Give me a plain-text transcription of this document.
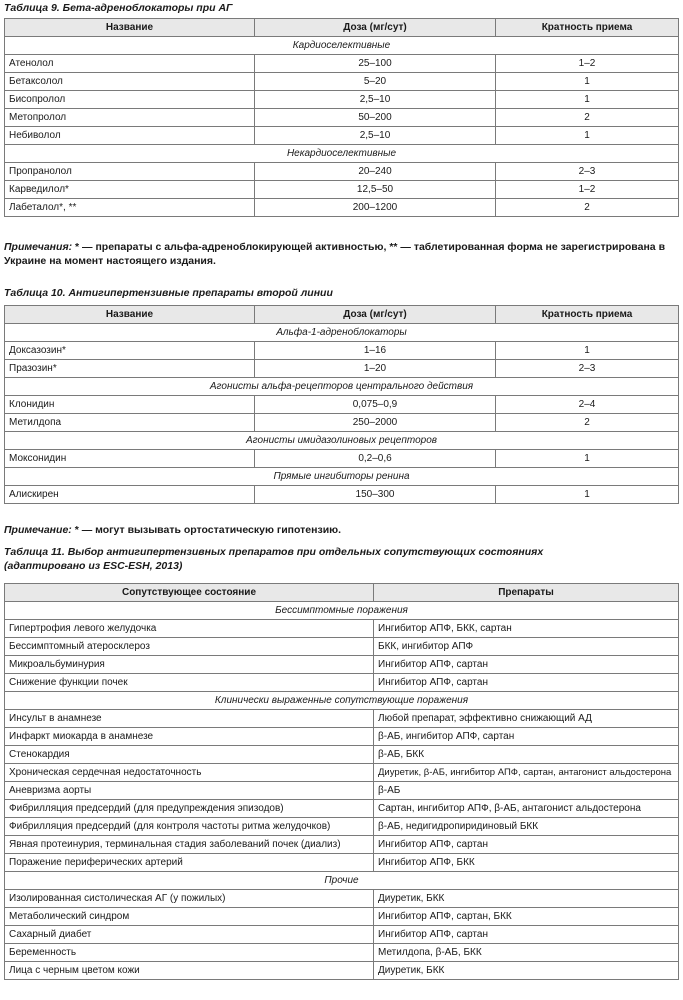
Таблица 9. Бета-адреноблокаторы при АГ
Название	Доза (мг/сут)	Кратность приема
Кардиоселективные		
Атенолол	25–100	1–2
Бетаксолол	5–20	1
Бисопролол	2,5–10	1
Метопролол	50–200	2
Небиволол	2,5–10	1
Некардиоселективные		
Пропранолол	20–240	2–3
Карведилол*	12,5–50	1–2
Лабеталол*, **	200–1200	2
Примечания: * — препараты с альфа-адреноблокирующей активностью, ** — таблетированная форма не зарегистрирована в Украине на момент настоящего издания.
Таблица 10. Антигипертензивные препараты второй линии
Название	Доза (мг/сут)	Кратность приема
Альфа-1-адреноблокаторы		
Доксазозин*	1–16	1
Празозин*	1–20	2–3
Агонисты альфа-рецепторов центрального действия		
Клонидин	0,075–0,9	2–4
Метилдопа	250–2000	2
Агонисты имидазолиновых рецепторов		
Моксонидин	0,2–0,6	1
Прямые ингибиторы ренина		
Алискирен	150–300	1
Примечание: * — могут вызывать ортостатическую гипотензию.
Таблица 11. Выбор антигипертензивных препаратов при отдельных сопутствующих состояниях
(адаптировано из ESC-ESH, 2013)
Сопутствующее состояние	Препараты
Бессимптомные поражения	
Гипертрофия левого желудочка	Ингибитор АПФ, БКК, сартан
Бессимптомный атеросклероз	БКК, ингибитор АПФ
Микроальбуминурия	Ингибитор АПФ, сартан
Снижение функции почек	Ингибитор АПФ, сартан
Клинически выраженные сопутствующие поражения	
Инсульт в анамнезе	Любой препарат, эффективно снижающий АД
Инфаркт миокарда в анамнезе	β-АБ, ингибитор АПФ, сартан
Стенокардия	β-АБ, БКК
Хроническая сердечная недостаточность	Диуретик, β-АБ, ингибитор АПФ, сартан, антагонист альдостерона
Аневризма аорты	β-АБ
Фибрилляция предсердий (для предупреждения эпизодов)	Сартан, ингибитор АПФ, β-АБ, антагонист альдостерона
Фибрилляция предсердий (для контроля частоты ритма желудочков)	β-АБ, недигидропиридиновый БКК
Явная протеинурия, терминальная стадия заболеваний почек (диализ)	Ингибитор АПФ, сартан
Поражение периферических артерий	Ингибитор АПФ, БКК
Прочие	
Изолированная систолическая АГ (у пожилых)	Диуретик, БКК
Метаболический синдром	Ингибитор АПФ, сартан, БКК
Сахарный диабет	Ингибитор АПФ, сартан
Беременность	Метилдопа, β-АБ, БКК
Лица с черным цветом кожи	Диуретик, БКК
